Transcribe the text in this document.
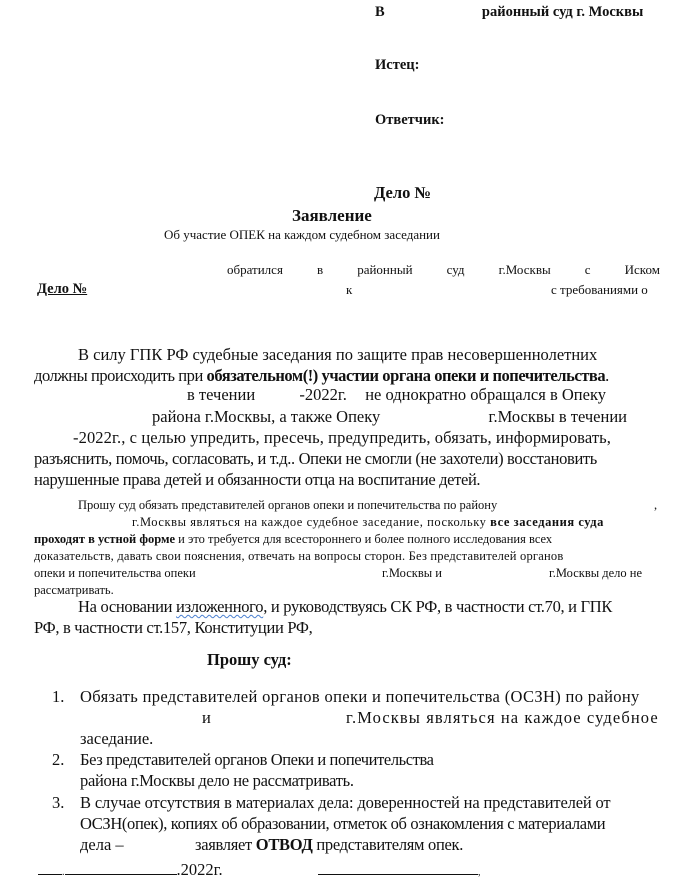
В	районный суд г. Москвы
Истец:
Ответчик:
Дело №
Заявление
Об участие ОПЕК на каждом судебном заседании
обратился	в	районный	суд	г.Москвы	с	Иском
Дело №	к	с требованиями о
В силу ГПК РФ судебные заседания по защите прав несовершеннолетних
должны происходить при обязательном(!) участии органа опеки и попечительства.
в течении	-2022г. не однократно обращался в Опеку
района г.Москвы, а также Опеку	г.Москвы в течении
-2022г., с целью упредить, пресечь, предупредить, обязать, информировать,
разъяснить, помочь, согласовать, и т.д.. Опеки не смогли (не захотели) восстановить
нарушенные права детей и обязанности отца на воспитание детей.
Прошу суд обязать представителей органов опеки и попечительства по району	,
г.Москвы являться на каждое судебное заседание, поскольку все заседания суда
проходят в устной форме и это требуется для всестороннего и более полного исследования всех
доказательств, давать свои пояснения, отвечать на вопросы сторон. Без представителей органов
опеки и попечительства опеки	г.Москвы и	г.Москвы дело не
рассматривать.
На основании изложенного, и руководствуясь СК РФ, в частности ст.70, и ГПК
РФ, в частности ст.157, Конституции РФ,
Прошу суд:
1. Обязать представителей органов опеки и попечительства (ОСЗН) по району
и	г.Москвы являться на каждое судебное
заседание.
2. Без представителей органов Опеки и попечительства
района г.Москвы дело не рассматривать.
3. В случае отсутствия в материалах дела: доверенностей на представителей от
ОСЗН(опек), копиях об образовании, отметок об ознакомления с материалами
дела –	заявляет ОТВОД представителям опек.
.	.2022г.	,
